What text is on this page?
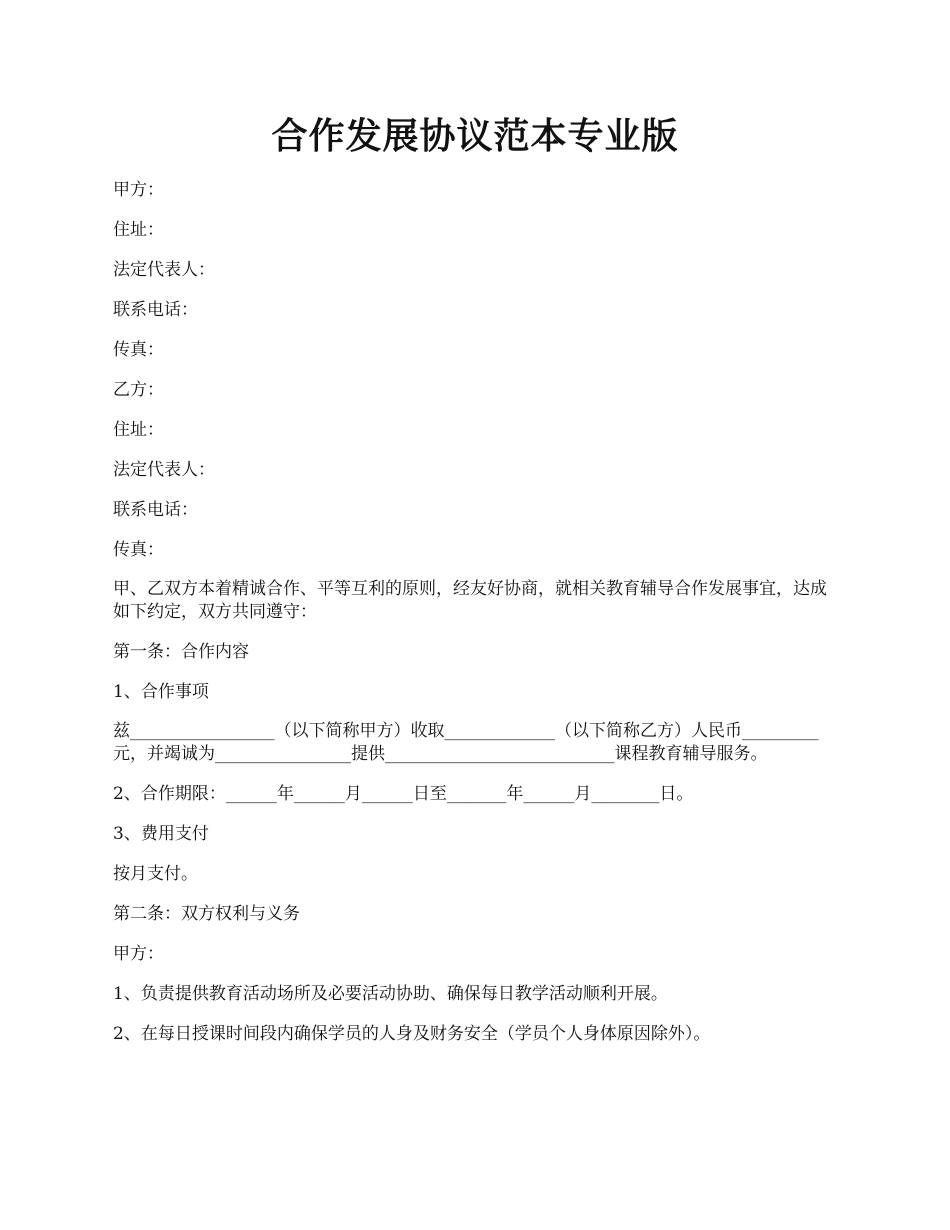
合作发展协议范本专业版

甲方：

住址：

法定代表人：

联系电话：

传真：

乙方：

住址：

法定代表人：

联系电话：

传真：

甲、乙双方本着精诚合作、平等互利的原则，经友好协商，就相关教育辅导合作发展事宜，达成如下约定，双方共同遵守：

第一条：合作内容

1、合作事项

兹_________________（以下简称甲方）收取_____________（以下简称乙方）人民币_________元，并竭诚为________________提供___________________________课程教育辅导服务。

2、合作期限：______年______月______日至_______年______月________日。

3、费用支付

按月支付。

第二条：双方权利与义务

甲方：

1、负责提供教育活动场所及必要活动协助、确保每日教学活动顺利开展。

2、在每日授课时间段内确保学员的人身及财务安全（学员个人身体原因除外）。
